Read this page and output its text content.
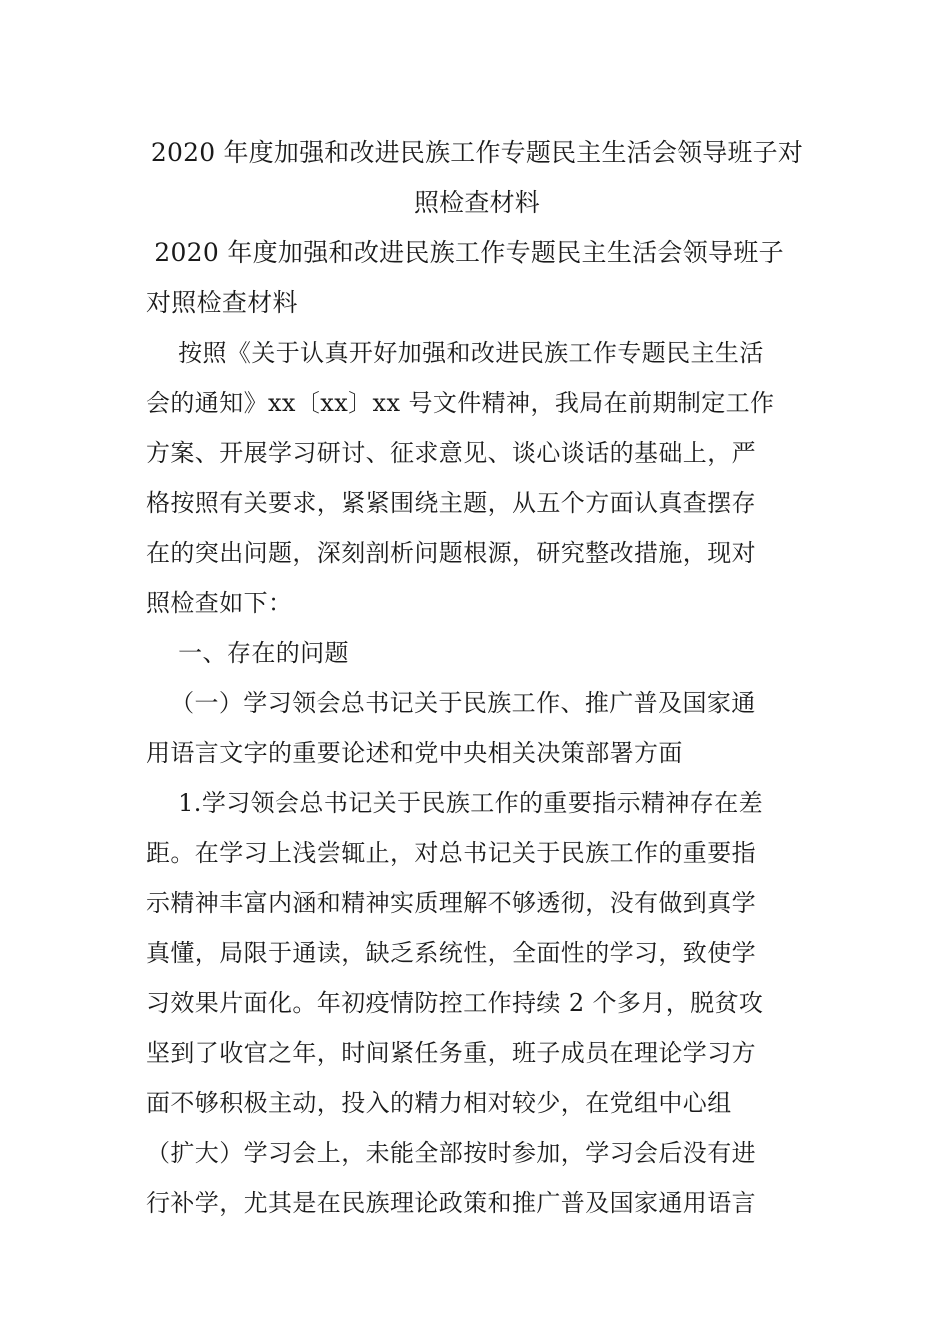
2020 年度加强和改进民族工作专题民主生活会领导班子对
照检查材料

2020 年度加强和改进民族工作专题民主生活会领导班子

对照检查材料

按照《关于认真开好加强和改进民族工作专题民主生活

会的通知》xx〔xx〕xx 号文件精神，我局在前期制定工作

方案、开展学习研讨、征求意见、谈心谈话的基础上，严

格按照有关要求，紧紧围绕主题，从五个方面认真查摆存

在的突出问题，深刻剖析问题根源，研究整改措施，现对

照检查如下：

一、存在的问题

（一）学习领会总书记关于民族工作、推广普及国家通

用语言文字的重要论述和党中央相关决策部署方面

1.学习领会总书记关于民族工作的重要指示精神存在差

距。在学习上浅尝辄止，对总书记关于民族工作的重要指

示精神丰富内涵和精神实质理解不够透彻，没有做到真学

真懂，局限于通读，缺乏系统性，全面性的学习，致使学

习效果片面化。年初疫情防控工作持续 2 个多月，脱贫攻

坚到了收官之年，时间紧任务重，班子成员在理论学习方

面不够积极主动，投入的精力相对较少，在党组中心组

（扩大）学习会上，未能全部按时参加，学习会后没有进

行补学，尤其是在民族理论政策和推广普及国家通用语言
